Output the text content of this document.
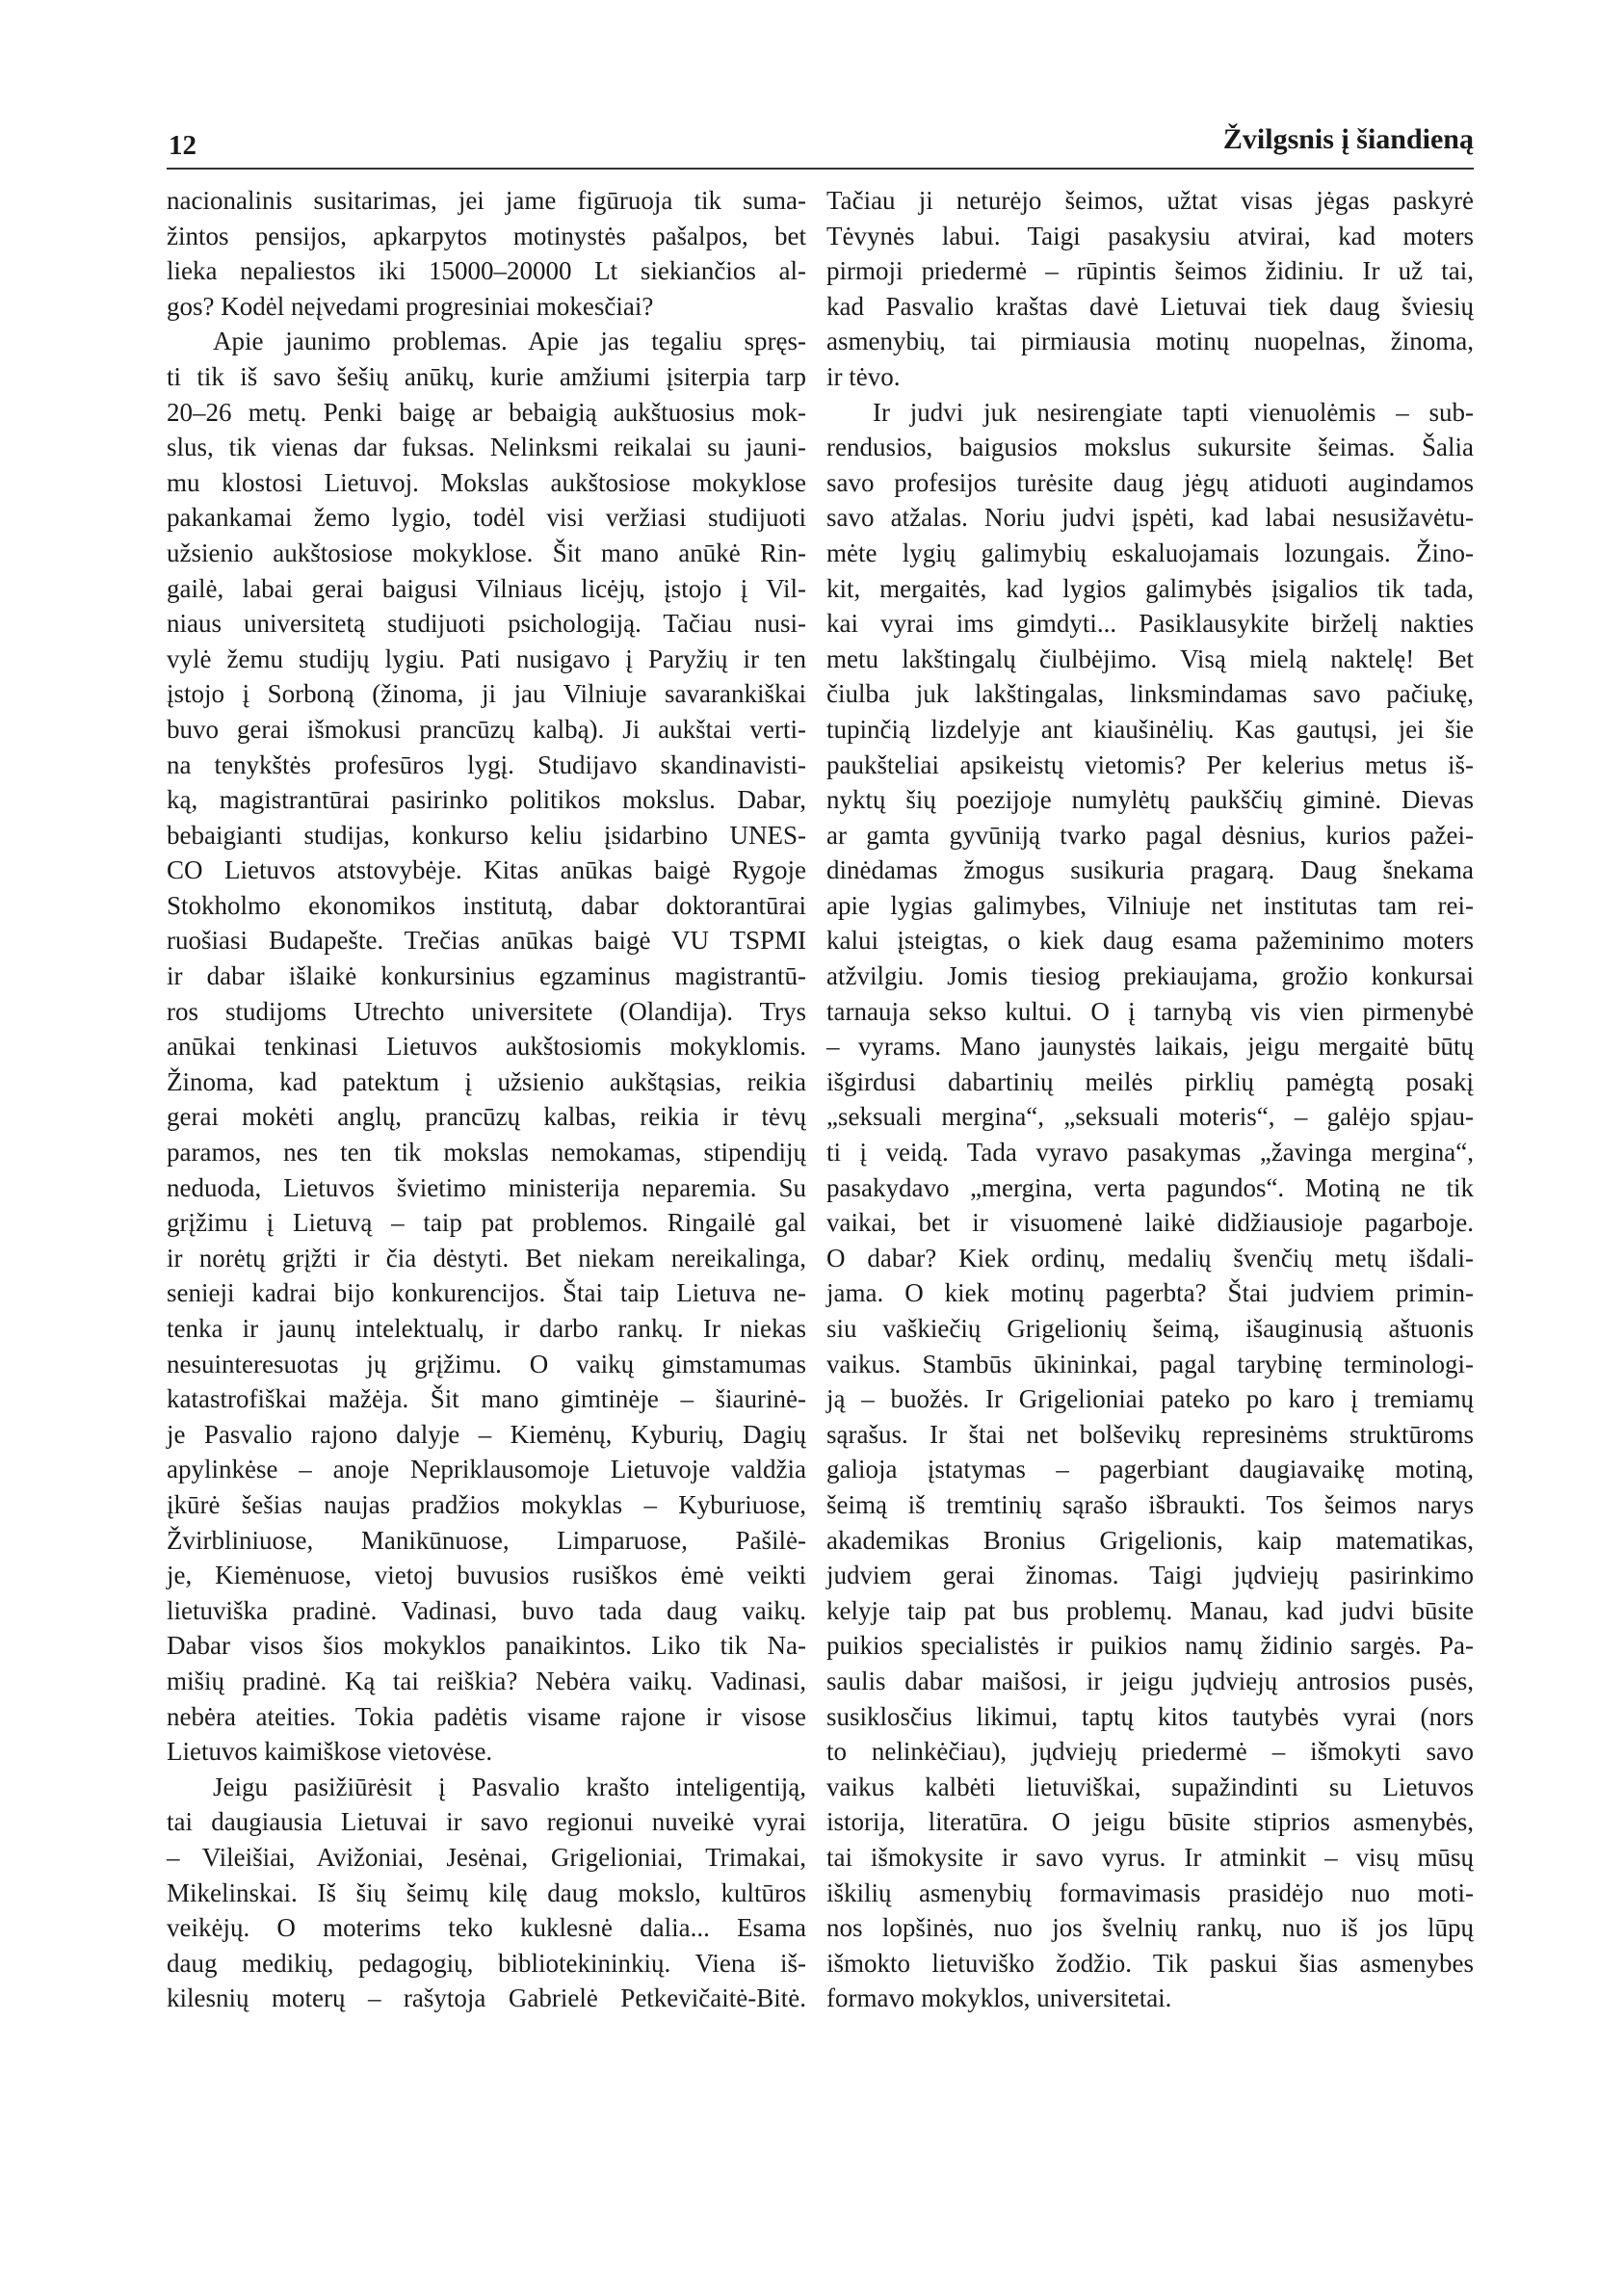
12	Žvilgsnis į šiandieną
nacionalinis susitarimas, jei jame figūruoja tik suma-
žintos pensijos, apkarpytos motinystės pašalpos, bet
lieka nepaliestos iki 15000–20000 Lt siekiančios al-
gos? Kodėl neįvedami progresiniai mokesčiai?
Apie jaunimo problemas. Apie jas tegaliu spręs-
ti tik iš savo šešių anūkų, kurie amžiumi įsiterpia tarp
20–26 metų. Penki baigę ar bebaigią aukštuosius mok-
slus, tik vienas dar fuksas. Nelinksmi reikalai su jauni-
mu klostosi Lietuvoj. Mokslas aukštosiose mokyklose
pakankamai žemo lygio, todėl visi veržiasi studijuoti
užsienio aukštosiose mokyklose. Šit mano anūkė Rin-
gailė, labai gerai baigusi Vilniaus licėjų, įstojo į Vil-
niaus universitetą studijuoti psichologiją. Tačiau nusi-
vylė žemu studijų lygiu. Pati nusigavo į Paryžių ir ten
įstojo į Sorboną (žinoma, ji jau Vilniuje savarankiškai
buvo gerai išmokusi prancūzų kalbą). Ji aukštai verti-
na tenykštės profesūros lygį. Studijavo skandinavisti-
ką, magistrantūrai pasirinko politikos mokslus. Dabar,
bebaigianti studijas, konkurso keliu įsidarbino UNES-
CO Lietuvos atstovybėje. Kitas anūkas baigė Rygoje
Stokholmo ekonomikos institutą, dabar doktorantūrai
ruošiasi Budapešte. Trečias anūkas baigė VU TSPMI
ir dabar išlaikė konkursinius egzaminus magistrantū-
ros studijoms Utrechto universitete (Olandija). Trys
anūkai tenkinasi Lietuvos aukštosiomis mokyklomis.
Žinoma, kad patektum į užsienio aukštąsias, reikia
gerai mokėti anglų, prancūzų kalbas, reikia ir tėvų
paramos, nes ten tik mokslas nemokamas, stipendijų
neduoda, Lietuvos švietimo ministerija neparemia. Su
grįžimu į Lietuvą – taip pat problemos. Ringailė gal
ir norėtų grįžti ir čia dėstyti. Bet niekam nereikalinga,
senieji kadrai bijo konkurencijos. Štai taip Lietuva ne-
tenka ir jaunų intelektualų, ir darbo rankų. Ir niekas
nesuinteresuotas jų grįžimu. O vaikų gimstamumas
katastrofiškai mažėja. Šit mano gimtinėje – šiaurinė-
je Pasvalio rajono dalyje – Kiemėnų, Kyburių, Dagių
apylinkėse – anoje Nepriklausomoje Lietuvoje valdžia
įkūrė šešias naujas pradžios mokyklas – Kyburiuose,
Žvirbliniuose, Manikūnuose, Limparuose, Pašilė-
je, Kiemėnuose, vietoj buvusios rusiškos ėmė veikti
lietuviška pradinė. Vadinasi, buvo tada daug vaikų.
Dabar visos šios mokyklos panaikintos. Liko tik Na-
mišių pradinė. Ką tai reiškia? Nebėra vaikų. Vadinasi,
nebėra ateities. Tokia padėtis visame rajone ir visose
Lietuvos kaimiškose vietovėse.
Jeigu pasižiūrėsit į Pasvalio krašto inteligentiją,
tai daugiausia Lietuvai ir savo regionui nuveikė vyrai
– Vileišiai, Avižoniai, Jesėnai, Grigelioniai, Trimakai,
Mikelinskai. Iš šių šeimų kilę daug mokslo, kultūros
veikėjų. O moterims teko kuklesnė dalia... Esama
daug medikių, pedagogių, bibliotekininkių. Viena iš-
kilesnių moterų – rašytoja Gabrielė Petkevičaitė-Bitė.
Tačiau ji neturėjo šeimos, užtat visas jėgas paskyrė
Tėvynės labui. Taigi pasakysiu atvirai, kad moters
pirmoji priedermė – rūpintis šeimos židiniu. Ir už tai,
kad Pasvalio kraštas davė Lietuvai tiek daug šviesių
asmenybių, tai pirmiausia motinų nuopelnas, žinoma,
ir tėvo.
Ir judvi juk nesirengiate tapti vienuolėmis – sub-
rendusios, baigusios mokslus sukursite šeimas. Šalia
savo profesijos turėsite daug jėgų atiduoti augindamos
savo atžalas. Noriu judvi įspėti, kad labai nesusižavėtu-
mėte lygių galimybių eskaluojamais lozungais. Žino-
kit, mergaitės, kad lygios galimybės įsigalios tik tada,
kai vyrai ims gimdyti... Pasiklausykite birželį nakties
metu lakštingalų čiulbėjimo. Visą mielą naktelę! Bet
čiulba juk lakštingalas, linksmindamas savo pačiukę,
tupinčią lizdelyje ant kiaušinėlių. Kas gautųsi, jei šie
paukšteliai apsikeistų vietomis? Per kelerius metus iš-
nyktų šių poezijoje numylėtų paukščių giminė. Dievas
ar gamta gyvūniją tvarko pagal dėsnius, kurios pažei-
dinėdamas žmogus susikuria pragarą. Daug šnekama
apie lygias galimybes, Vilniuje net institutas tam rei-
kalui įsteigtas, o kiek daug esama pažeminimo moters
atžvilgiu. Jomis tiesiog prekiaujama, grožio konkursai
tarnauja sekso kultui. O į tarnybą vis vien pirmenybė
– vyrams. Mano jaunystės laikais, jeigu mergaitė būtų
išgirdusi dabartinių meilės pirklių pamėgtą posakį
„seksuali mergina“, „seksuali moteris“, – galėjo spjau-
ti į veidą. Tada vyravo pasakymas „žavinga mergina“,
pasakydavo „mergina, verta pagundos“. Motiną ne tik
vaikai, bet ir visuomenė laikė didžiausioje pagarboje.
O dabar? Kiek ordinų, medalių švenčių metų išdali-
jama. O kiek motinų pagerbta? Štai judviem primin-
siu vaškiečių Grigelionių šeimą, išauginusią aštuonis
vaikus. Stambūs ūkininkai, pagal tarybinę terminologi-
ją – buožės. Ir Grigelioniai pateko po karo į tremiamų
sąrašus. Ir štai net bolševikų represinėms struktūroms
galioja įstatymas – pagerbiant daugiavaikę motiną,
šeimą iš tremtinių sąrašo išbraukti. Tos šeimos narys
akademikas Bronius Grigelionis, kaip matematikas,
judviem gerai žinomas. Taigi jųdviejų pasirinkimo
kelyje taip pat bus problemų. Manau, kad judvi būsite
puikios specialistės ir puikios namų židinio sargės. Pa-
saulis dabar maišosi, ir jeigu jųdviejų antrosios pusės,
susiklosčius likimui, taptų kitos tautybės vyrai (nors
to nelinkėčiau), jųdviejų priedermė – išmokyti savo
vaikus kalbėti lietuviškai, supažindinti su Lietuvos
istorija, literatūra. O jeigu būsite stiprios asmenybės,
tai išmokysite ir savo vyrus. Ir atminkit – visų mūsų
iškilių asmenybių formavimasis prasidėjo nuo moti-
nos lopšinės, nuo jos švelnių rankų, nuo iš jos lūpų
išmokto lietuviško žodžio. Tik paskui šias asmenybes
formavo mokyklos, universitetai.
